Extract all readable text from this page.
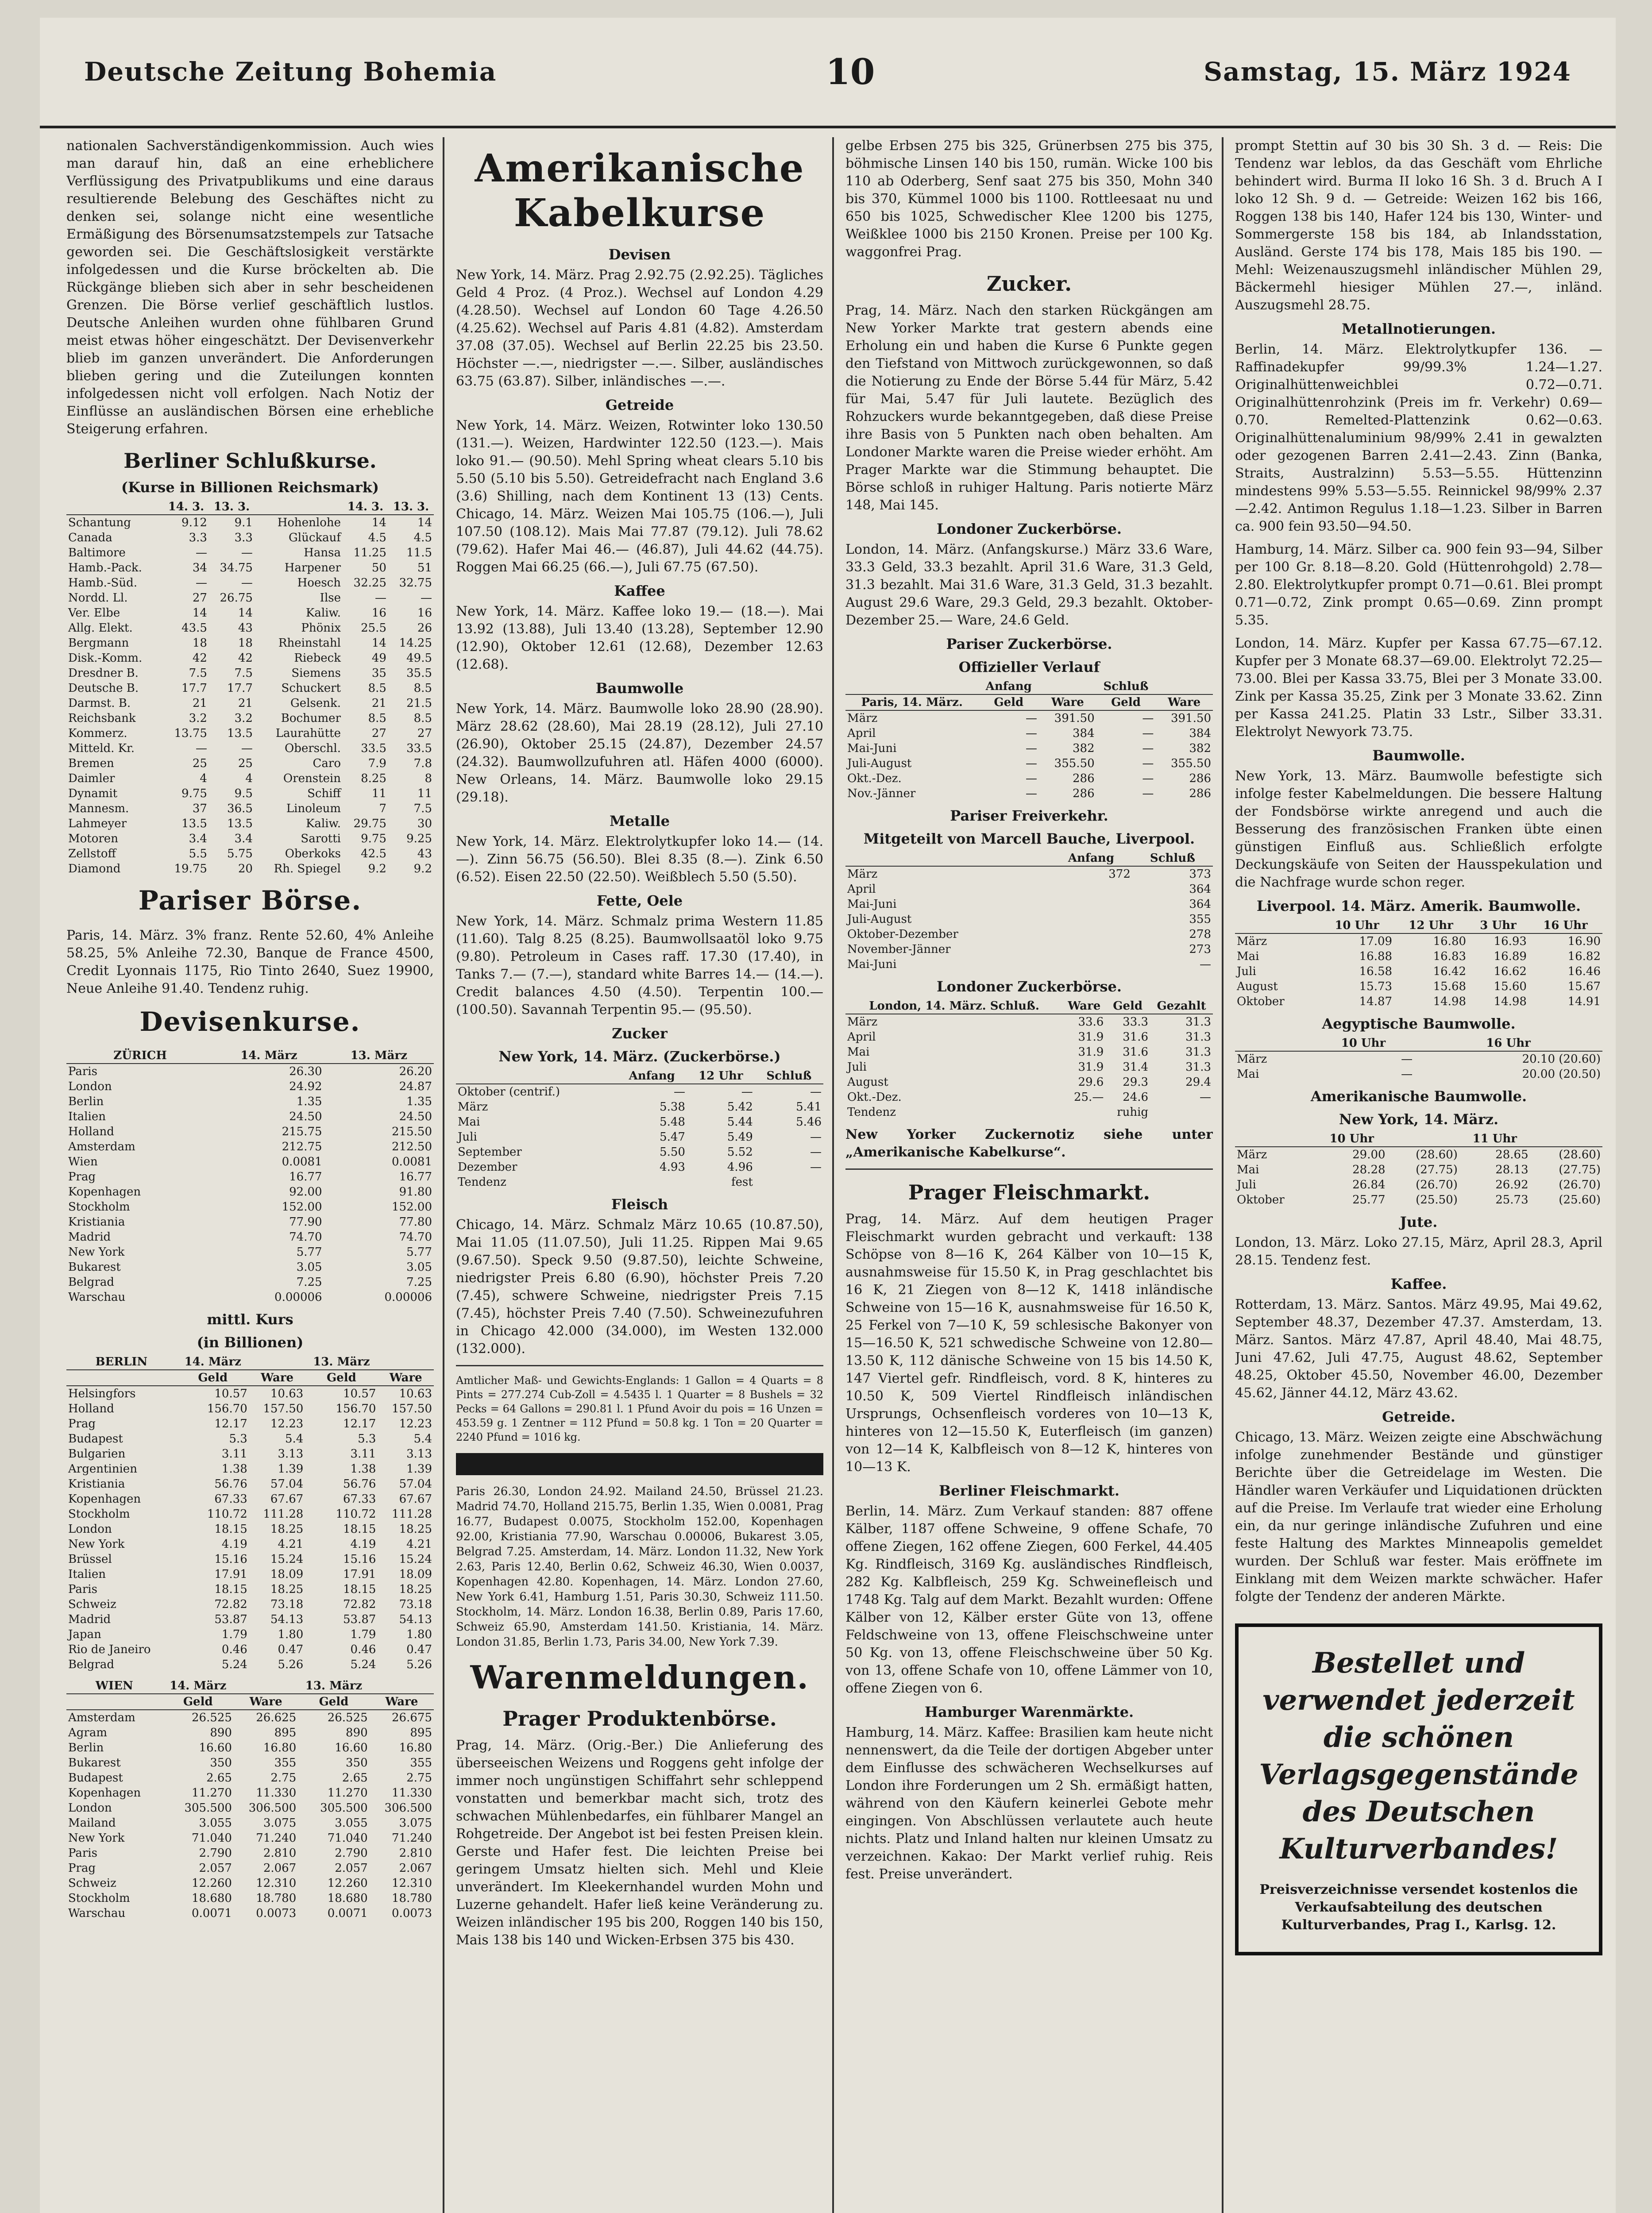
Deutsche Zeitung Bohemia	10	Samstag, 15. März 1924

nationalen Sachverständigenkommission. Auch wies man darauf hin, daß an eine erheblichere Verflüssigung des Privatpublikums und eine daraus resultierende Belebung des Geschäftes nicht zu denken sei, solange nicht eine wesentliche Ermäßigung des Börsenumsatzstempels zur Tatsache geworden sei. Die Geschäftslosigkeit verstärkte infolgedessen und die Kurse bröckelten ab. Die Rückgänge blieben sich aber in sehr bescheidenen Grenzen. Die Börse verlief geschäftlich lustlos. Deutsche Anleihen wurden ohne fühlbaren Grund meist etwas höher eingeschätzt. Der Devisenverkehr blieb im ganzen unverändert. Die Anforderungen blieben gering und die Zuteilungen konnten infolgedessen nicht voll erfolgen. Nach Notiz der Einflüsse an ausländischen Börsen eine erhebliche Steigerung erfahren.

Berliner Schlußkurse.
(Kurse in Billionen Reichsmark)
	14. 3.	13. 3.		14. 3.	13. 3.
Schantung	9.12	9.1	Hohenlohe	14	14
Canada	3.3	3.3	Glückauf	4.5	4.5
Baltimore	—	—	Hansa	11.25	11.5
Hamb.-Pack.	34	34.75	Harpener	50	51
Hamb.-Süd.	—	—	Hoesch	32.25	32.75
Nordd. Ll.	27	26.75	Ilse	—	—
Ver. Elbe	14	14	Kaliw.	16	16
Allg. Elekt.	43.5	43	Phönix	25.5	26
Bergmann	18	18	Rheinstahl	14	14.25
Disk.-Komm.	42	42	Riebeck	49	49.5
Dresdner B.	7.5	7.5	Siemens	35	35.5
Deutsche B.	17.7	17.7	Schuckert	8.5	8.5
Darmst. B.	21	21	Gelsenk.	21	21.5
Reichsbank	3.2	3.2	Bochumer	8.5	8.5
Kommerz.	13.75	13.5	Laurahütte	27	27
Mitteld. Kr.	—	—	Oberschl.	33.5	33.5
Bremen	25	25	Caro	7.9	7.8
Daimler	4	4	Orenstein	8.25	8
Dynamit	9.75	9.5	Schiff	11	11
Mannesm.	37	36.5	Linoleum	7	7.5
Lahmeyer	13.5	13.5	Kaliw.	29.75	30
Motoren	3.4	3.4	Sarotti	9.75	9.25
Zellstoff	5.5	5.75	Oberkoks	42.5	43
Diamond	19.75	20	Rh. Spiegel	9.2	9.2
Pariser Börse.

Paris, 14. März. 3% franz. Rente 52.60, 4% Anleihe 58.25, 5% Anleihe 72.30, Banque de France 4500, Credit Lyonnais 1175, Rio Tinto 2640, Suez 19900, Neue Anleihe 91.40. Tendenz ruhig.

Devisenkurse.
ZÜRICH	14. März	13. März
Paris	26.30	26.20
London	24.92	24.87
Berlin	1.35	1.35
Italien	24.50	24.50
Holland	215.75	215.50
Amsterdam	212.75	212.50
Wien	0.0081	0.0081
Prag	16.77	16.77
Kopenhagen	92.00	91.80
Stockholm	152.00	152.00
Kristiania	77.90	77.80
Madrid	74.70	74.70
New York	5.77	5.77
Bukarest	3.05	3.05
Belgrad	7.25	7.25
Warschau	0.00006	0.00006
mittl. Kurs
(in Billionen)
BERLIN	14. März		13. März	
	Geld	Ware	Geld	Ware
Helsingfors	10.57	10.63	10.57	10.63
Holland	156.70	157.50	156.70	157.50
Prag	12.17	12.23	12.17	12.23
Budapest	5.3	5.4	5.3	5.4
Bulgarien	3.11	3.13	3.11	3.13
Argentinien	1.38	1.39	1.38	1.39
Kristiania	56.76	57.04	56.76	57.04
Kopenhagen	67.33	67.67	67.33	67.67
Stockholm	110.72	111.28	110.72	111.28
London	18.15	18.25	18.15	18.25
New York	4.19	4.21	4.19	4.21
Brüssel	15.16	15.24	15.16	15.24
Italien	17.91	18.09	17.91	18.09
Paris	18.15	18.25	18.15	18.25
Schweiz	72.82	73.18	72.82	73.18
Madrid	53.87	54.13	53.87	54.13
Japan	1.79	1.80	1.79	1.80
Rio de Janeiro	0.46	0.47	0.46	0.47
Belgrad	5.24	5.26	5.24	5.26
WIEN	14. März		13. März	
	Geld	Ware	Geld	Ware
Amsterdam	26.525	26.625	26.525	26.675
Agram	890	895	890	895
Berlin	16.60	16.80	16.60	16.80
Bukarest	350	355	350	355
Budapest	2.65	2.75	2.65	2.75
Kopenhagen	11.270	11.330	11.270	11.330
London	305.500	306.500	305.500	306.500
Mailand	3.055	3.075	3.055	3.075
New York	71.040	71.240	71.040	71.240
Paris	2.790	2.810	2.790	2.810
Prag	2.057	2.067	2.057	2.067
Schweiz	12.260	12.310	12.260	12.310
Stockholm	18.680	18.780	18.680	18.780
Warschau	0.0071	0.0073	0.0071	0.0073
Amerikanische Kabelkurse
Devisen

New York, 14. März. Prag 2.92.75 (2.92.25). Tägliches Geld 4 Proz. (4 Proz.). Wechsel auf London 4.29 (4.28.50). Wechsel auf London 60 Tage 4.26.50 (4.25.62). Wechsel auf Paris 4.81 (4.82). Amsterdam 37.08 (37.05). Wechsel auf Berlin 22.25 bis 23.50. Höchster —.—, niedrigster —.—. Silber, ausländisches 63.75 (63.87). Silber, inländisches —.—.

Getreide

New York, 14. März. Weizen, Rotwinter loko 130.50 (131.—). Weizen, Hardwinter 122.50 (123.—). Mais loko 91.— (90.50). Mehl Spring wheat clears 5.10 bis 5.50 (5.10 bis 5.50). Getreidefracht nach England 3.6 (3.6) Shilling, nach dem Kontinent 13 (13) Cents. Chicago, 14. März. Weizen Mai 105.75 (106.—), Juli 107.50 (108.12). Mais Mai 77.87 (79.12). Juli 78.62 (79.62). Hafer Mai 46.— (46.87), Juli 44.62 (44.75). Roggen Mai 66.25 (66.—), Juli 67.75 (67.50).

Kaffee

New York, 14. März. Kaffee loko 19.— (18.—). Mai 13.92 (13.88), Juli 13.40 (13.28), September 12.90 (12.90), Oktober 12.61 (12.68), Dezember 12.63 (12.68).

Baumwolle

New York, 14. März. Baumwolle loko 28.90 (28.90). März 28.62 (28.60), Mai 28.19 (28.12), Juli 27.10 (26.90), Oktober 25.15 (24.87), Dezember 24.57 (24.32). Baumwollzufuhren atl. Häfen 4000 (6000). New Orleans, 14. März. Baumwolle loko 29.15 (29.18).

Metalle

New York, 14. März. Elektrolytkupfer loko 14.— (14.—). Zinn 56.75 (56.50). Blei 8.35 (8.—). Zink 6.50 (6.52). Eisen 22.50 (22.50). Weißblech 5.50 (5.50).

Fette, Oele

New York, 14. März. Schmalz prima Western 11.85 (11.60). Talg 8.25 (8.25). Baumwollsaatöl loko 9.75 (9.80). Petroleum in Cases raff. 17.30 (17.40), in Tanks 7.— (7.—), standard white Barres 14.— (14.—). Credit balances 4.50 (4.50). Terpentin 100.— (100.50). Savannah Terpentin 95.— (95.50).

Zucker
New York, 14. März. (Zuckerbörse.)
	Anfang	12 Uhr	Schluß
Oktober (centrif.)	—	—	—
März	5.38	5.42	5.41
Mai	5.48	5.44	5.46
Juli	5.47	5.49	—
September	5.50	5.52	—
Dezember	4.93	4.96	—
Tendenz		fest	
Fleisch

Chicago, 14. März. Schmalz März 10.65 (10.87.50), Mai 11.05 (11.07.50), Juli 11.25. Rippen Mai 9.65 (9.67.50). Speck 9.50 (9.87.50), leichte Schweine, niedrigster Preis 6.80 (6.90), höchster Preis 7.20 (7.45), schwere Schweine, niedrigster Preis 7.15 (7.45), höchster Preis 7.40 (7.50). Schweinezufuhren in Chicago 42.000 (34.000), im Westen 132.000 (132.000).

Amtlicher Maß- und Gewichts-Englands: 1 Gallon = 4 Quarts = 8 Pints = 277.274 Cub-Zoll = 4.5435 l. 1 Quarter = 8 Bushels = 32 Pecks = 64 Gallons = 290.81 l. 1 Pfund Avoir du pois = 16 Unzen = 453.59 g. 1 Zentner = 112 Pfund = 50.8 kg. 1 Ton = 20 Quarter = 2240 Pfund = 1016 kg.

Paris 26.30, London 24.92. Mailand 24.50, Brüssel 21.23. Madrid 74.70, Holland 215.75, Berlin 1.35, Wien 0.0081, Prag 16.77, Budapest 0.0075, Stockholm 152.00, Kopenhagen 92.00, Kristiania 77.90, Warschau 0.00006, Bukarest 3.05, Belgrad 7.25. Amsterdam, 14. März. London 11.32, New York 2.63, Paris 12.40, Berlin 0.62, Schweiz 46.30, Wien 0.0037, Kopenhagen 42.80. Kopenhagen, 14. März. London 27.60, New York 6.41, Hamburg 1.51, Paris 30.30, Schweiz 111.50. Stockholm, 14. März. London 16.38, Berlin 0.89, Paris 17.60, Schweiz 65.90, Amsterdam 141.50. Kristiania, 14. März. London 31.85, Berlin 1.73, Paris 34.00, New York 7.39.

Warenmeldungen.
Prager Produktenbörse.

Prag, 14. März. (Orig.-Ber.) Die Anlieferung des überseeischen Weizens und Roggens geht infolge der immer noch ungünstigen Schiffahrt sehr schleppend vonstatten und bemerkbar macht sich, trotz des schwachen Mühlenbedarfes, ein fühlbarer Mangel an Rohgetreide. Der Angebot ist bei festen Preisen klein. Gerste und Hafer fest. Die leichten Preise bei geringem Umsatz hielten sich. Mehl und Kleie unverändert. Im Kleekernhandel wurden Mohn und Luzerne gehandelt. Hafer ließ keine Veränderung zu. Weizen inländischer 195 bis 200, Roggen 140 bis 150, Mais 138 bis 140 und Wicken-Erbsen 375 bis 430.

gelbe Erbsen 275 bis 325, Grünerbsen 275 bis 375, böhmische Linsen 140 bis 150, rumän. Wicke 100 bis 110 ab Oderberg, Senf saat 275 bis 350, Mohn 340 bis 370, Kümmel 1000 bis 1100. Rottleesaat nu und 650 bis 1025, Schwedischer Klee 1200 bis 1275, Weißklee 1000 bis 2150 Kronen. Preise per 100 Kg. waggonfrei Prag.

Zucker.

Prag, 14. März. Nach den starken Rückgängen am New Yorker Markte trat gestern abends eine Erholung ein und haben die Kurse 6 Punkte gegen den Tiefstand von Mittwoch zurückgewonnen, so daß die Notierung zu Ende der Börse 5.44 für März, 5.42 für Mai, 5.47 für Juli lautete. Bezüglich des Rohzuckers wurde bekanntgegeben, daß diese Preise ihre Basis von 5 Punkten nach oben behalten. Am Londoner Markte waren die Preise wieder erhöht. Am Prager Markte war die Stimmung behauptet. Die Börse schloß in ruhiger Haltung. Paris notierte März 148, Mai 145.

Londoner Zuckerbörse.

London, 14. März. (Anfangskurse.) März 33.6 Ware, 33.3 Geld, 33.3 bezahlt. April 31.6 Ware, 31.3 Geld, 31.3 bezahlt. Mai 31.6 Ware, 31.3 Geld, 31.3 bezahlt. August 29.6 Ware, 29.3 Geld, 29.3 bezahlt. Oktober-Dezember 25.— Ware, 24.6 Geld.

Pariser Zuckerbörse.
Offizieller Verlauf
	Anfang		Schluß	
Paris, 14. März.	Geld	Ware	Geld	Ware
März	—	391.50	—	391.50
April	—	384	—	384
Mai-Juni	—	382	—	382
Juli-August	—	355.50	—	355.50
Okt.-Dez.	—	286	—	286
Nov.-Jänner	—	286	—	286
Pariser Freiverkehr.
Mitgeteilt von Marcell Bauche, Liverpool.
	Anfang	Schluß
März	372	373
April		364
Mai-Juni		364
Juli-August		355
Oktober-Dezember		278
November-Jänner		273
Mai-Juni		—
Londoner Zuckerbörse.
London, 14. März. Schluß.	Ware	Geld	Gezahlt
März	33.6	33.3	31.3
April	31.9	31.6	31.3
Mai	31.9	31.6	31.3
Juli	31.9	31.4	31.3
August	29.6	29.3	29.4
Okt.-Dez.	25.—	24.6	—
Tendenz		ruhig	

New Yorker Zuckernotiz siehe unter „Amerikanische Kabelkurse“.

Prager Fleischmarkt.

Prag, 14. März. Auf dem heutigen Prager Fleischmarkt wurden gebracht und verkauft: 138 Schöpse von 8—16 K, 264 Kälber von 10—15 K, ausnahmsweise für 15.50 K, in Prag geschlachtet bis 16 K, 21 Ziegen von 8—12 K, 1418 inländische Schweine von 15—16 K, ausnahmsweise für 16.50 K, 25 Ferkel von 7—10 K, 59 schlesische Bakonyer von 15—16.50 K, 521 schwedische Schweine von 12.80—13.50 K, 112 dänische Schweine von 15 bis 14.50 K, 147 Viertel gefr. Rindfleisch, vord. 8 K, hinteres zu 10.50 K, 509 Viertel Rindfleisch inländischen Ursprungs, Ochsenfleisch vorderes von 10—13 K, hinteres von 12—15.50 K, Euterfleisch (im ganzen) von 12—14 K, Kalbfleisch von 8—12 K, hinteres von 10—13 K.

Berliner Fleischmarkt.

Berlin, 14. März. Zum Verkauf standen: 887 offene Kälber, 1187 offene Schweine, 9 offene Schafe, 70 offene Ziegen, 162 offene Ziegen, 600 Ferkel, 44.405 Kg. Rindfleisch, 3169 Kg. ausländisches Rindfleisch, 282 Kg. Kalbfleisch, 259 Kg. Schweinefleisch und 1748 Kg. Talg auf dem Markt. Bezahlt wurden: Offene Kälber von 12, Kälber erster Güte von 13, offene Feldschweine von 13, offene Fleischschweine unter 50 Kg. von 13, offene Fleischschweine über 50 Kg. von 13, offene Schafe von 10, offene Lämmer von 10, offene Ziegen von 6.

Hamburger Warenmärkte.

Hamburg, 14. März. Kaffee: Brasilien kam heute nicht nennenswert, da die Teile der dortigen Abgeber unter dem Einflusse des schwächeren Wechselkurses auf London ihre Forderungen um 2 Sh. ermäßigt hatten, während von den Käufern keinerlei Gebote mehr eingingen. Von Abschlüssen verlautete auch heute nichts. Platz und Inland halten nur kleinen Umsatz zu verzeichnen. Kakao: Der Markt verlief ruhig. Reis fest. Preise unverändert.

prompt Stettin auf 30 bis 30 Sh. 3 d. — Reis: Die Tendenz war leblos, da das Geschäft vom Ehrliche behindert wird. Burma II loko 16 Sh. 3 d. Bruch A I loko 12 Sh. 9 d. — Getreide: Weizen 162 bis 166, Roggen 138 bis 140, Hafer 124 bis 130, Winter- und Sommergerste 158 bis 184, ab Inlandsstation, Ausländ. Gerste 174 bis 178, Mais 185 bis 190. — Mehl: Weizenauszugsmehl inländischer Mühlen 29, Bäckermehl hiesiger Mühlen 27.—, inländ. Auszugsmehl 28.75.

Metallnotierungen.

Berlin, 14. März. Elektrolytkupfer 136. — Raffinadekupfer 99/99.3% 1.24—1.27. Originalhüttenweichblei 0.72—0.71. Originalhüttenrohzink (Preis im fr. Verkehr) 0.69—0.70. Remelted-Plattenzink 0.62—0.63. Originalhüttenaluminium 98/99% 2.41 in gewalzten oder gezogenen Barren 2.41—2.43. Zinn (Banka, Straits, Australzinn) 5.53—5.55. Hüttenzinn mindestens 99% 5.53—5.55. Reinnickel 98/99% 2.37—2.42. Antimon Regulus 1.18—1.23. Silber in Barren ca. 900 fein 93.50—94.50.

Hamburg, 14. März. Silber ca. 900 fein 93—94, Silber per 100 Gr. 8.18—8.20. Gold (Hüttenrohgold) 2.78—2.80. Elektrolytkupfer prompt 0.71—0.61. Blei prompt 0.71—0.72, Zink prompt 0.65—0.69. Zinn prompt 5.35.

London, 14. März. Kupfer per Kassa 67.75—67.12. Kupfer per 3 Monate 68.37—69.00. Elektrolyt 72.25—73.00. Blei per Kassa 33.75, Blei per 3 Monate 33.00. Zink per Kassa 35.25, Zink per 3 Monate 33.62. Zinn per Kassa 241.25. Platin 33 Lstr., Silber 33.31. Elektrolyt Newyork 73.75.

Baumwolle.

New York, 13. März. Baumwolle befestigte sich infolge fester Kabelmeldungen. Die bessere Haltung der Fondsbörse wirkte anregend und auch die Besserung des französischen Franken übte einen günstigen Einfluß aus. Schließlich erfolgte Deckungskäufe von Seiten der Hausspekulation und die Nachfrage wurde schon reger.

Liverpool. 14. März. Amerik. Baumwolle.
	10 Uhr	12 Uhr	3 Uhr	16 Uhr
März	17.09	16.80	16.93	16.90
Mai	16.88	16.83	16.89	16.82
Juli	16.58	16.42	16.62	16.46
August	15.73	15.68	15.60	15.67
Oktober	14.87	14.98	14.98	14.91
Aegyptische Baumwolle.
	10 Uhr	16 Uhr
März	—	20.10 (20.60)
Mai	—	20.00 (20.50)
Amerikanische Baumwolle.
New York, 14. März.
	10 Uhr		11 Uhr	
März	29.00	(28.60)	28.65	(28.60)
Mai	28.28	(27.75)	28.13	(27.75)
Juli	26.84	(26.70)	26.92	(26.70)
Oktober	25.77	(25.50)	25.73	(25.60)
Jute.

London, 13. März. Loko 27.15, März, April 28.3, April 28.15. Tendenz fest.

Kaffee.

Rotterdam, 13. März. Santos. März 49.95, Mai 49.62, September 48.37, Dezember 47.37. Amsterdam, 13. März. Santos. März 47.87, April 48.40, Mai 48.75, Juni 47.62, Juli 47.75, August 48.62, September 48.25, Oktober 45.50, November 46.00, Dezember 45.62, Jänner 44.12, März 43.62.

Getreide.

Chicago, 13. März. Weizen zeigte eine Abschwächung infolge zunehmender Bestände und günstiger Berichte über die Getreidelage im Westen. Die Händler waren Verkäufer und Liquidationen drückten auf die Preise. Im Verlaufe trat wieder eine Erholung ein, da nur geringe inländische Zufuhren und eine feste Haltung des Marktes Minneapolis gemeldet wurden. Der Schluß war fester. Mais eröffnete im Einklang mit dem Weizen markte schwächer. Hafer folgte der Tendenz der anderen Märkte.

Bestellet und verwendet jederzeit die schönen Verlagsgegenstände des Deutschen Kulturverbandes!
Preisverzeichnisse versendet kostenlos die Verkaufsabteilung des deutschen Kulturverbandes, Prag I., Karlsg. 12.
